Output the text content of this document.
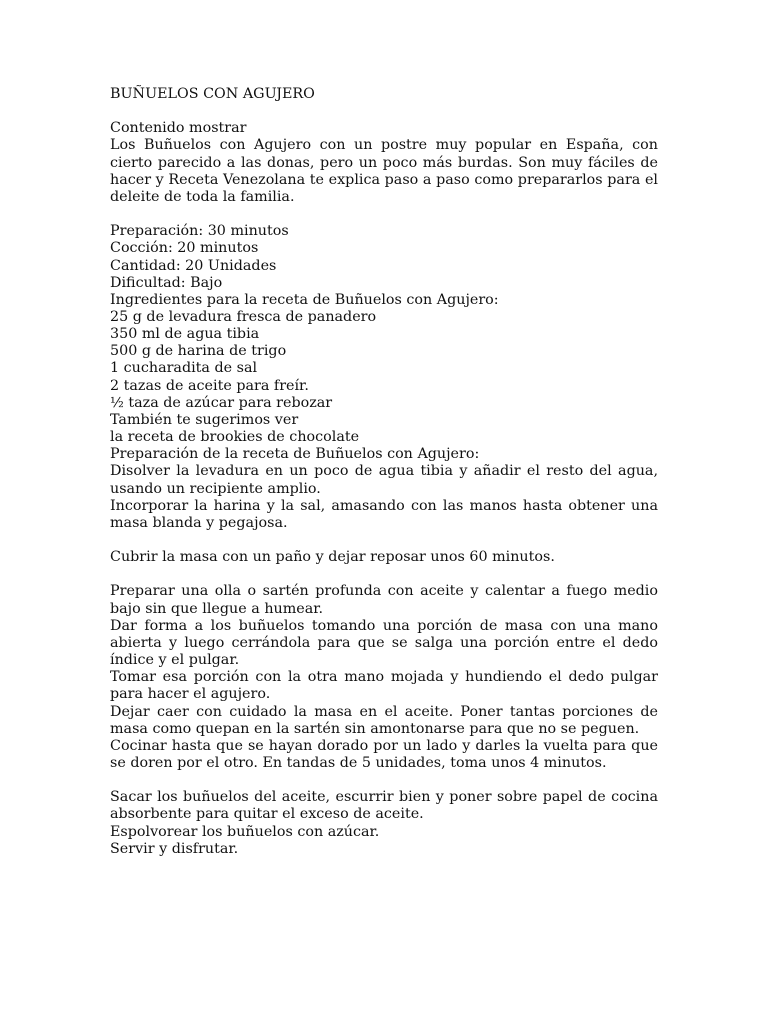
BUÑUELOS CON AGUJERO
Contenido mostrar
Los Buñuelos con Agujero con un postre muy popular en España, con cierto parecido a las donas, pero un poco más burdas. Son muy fáciles de hacer y Receta Venezolana te explica paso a paso como prepararlos para el deleite de toda la familia.
Preparación: 30 minutos
Cocción: 20 minutos
Cantidad: 20 Unidades
Dificultad: Bajo
Ingredientes para la receta de Buñuelos con Agujero:
25 g de levadura fresca de panadero
350 ml de agua tibia
500 g de harina de trigo
1 cucharadita de sal
2 tazas de aceite para freír.
½ taza de azúcar para rebozar
También te sugerimos ver
la receta de brookies de chocolate
Preparación de la receta de Buñuelos con Agujero:
Disolver la levadura en un poco de agua tibia y añadir el resto del agua, usando un recipiente amplio.
Incorporar la harina y la sal, amasando con las manos hasta obtener una masa blanda y pegajosa.
Cubrir la masa con un paño y dejar reposar unos 60 minutos.
Preparar una olla o sartén profunda con aceite y calentar a fuego medio bajo sin que llegue a humear.
Dar forma a los buñuelos tomando una porción de masa con una mano abierta y luego cerrándola para que se salga una porción entre el dedo índice y el pulgar.
Tomar esa porción con la otra mano mojada y hundiendo el dedo pulgar para hacer el agujero.
Dejar caer con cuidado la masa en el aceite. Poner tantas porciones de masa como quepan en la sartén sin amontonarse para que no se peguen.
Cocinar hasta que se hayan dorado por un lado y darles la vuelta para que se doren por el otro. En tandas de 5 unidades, toma unos 4 minutos.
Sacar los buñuelos del aceite, escurrir bien y poner sobre papel de cocina absorbente para quitar el exceso de aceite.
Espolvorear los buñuelos con azúcar.
Servir y disfrutar.
